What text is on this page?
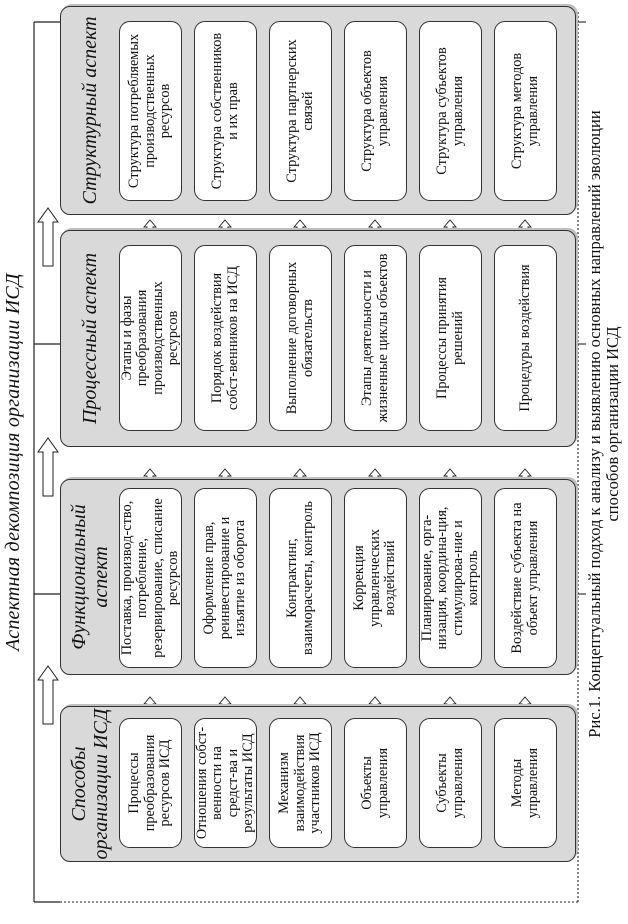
Аспектная декомпозиция организации ИСД
Способы организации ИСД
Функциональный аспект
Процессный аспект
Структурный аспект
Процессы преобразования ресурсов ИСД	Отношения собст-венности на средст-ва и результаты ИСД	Механизм взаимодействия участников ИСД	Объекты управления	Субъекты управления	Методы управления
Поставка, производ-ство, потребление, резервирование, списание ресурсов	Оформление прав, реинвестирование и изъятие из оборота	Контрактинг, взаиморасчеты, контроль	Коррекция управленческих воздействий	Планирование, орга-низация, координа-ция, стимулирова-ние и контроль	Воздействие субъекта на объект управления
Этапы и фазы преобразования производственных ресурсов	Порядок воздействия собст-венников на ИСД	Выполнение договорных обязательств	Этапы деятельности и жизненные циклы объектов	Процессы принятия решений	Процедуры воздействия
Структура потребляемых производственных ресурсов	Структура собственников и их прав	Структура партнерских связей	Структура объектов управления	Структура субъектов управления	Структура методов управления	Рис.1. Концептуальный подход к анализу и выявлению основных направлений эволюции способов организации ИСД
